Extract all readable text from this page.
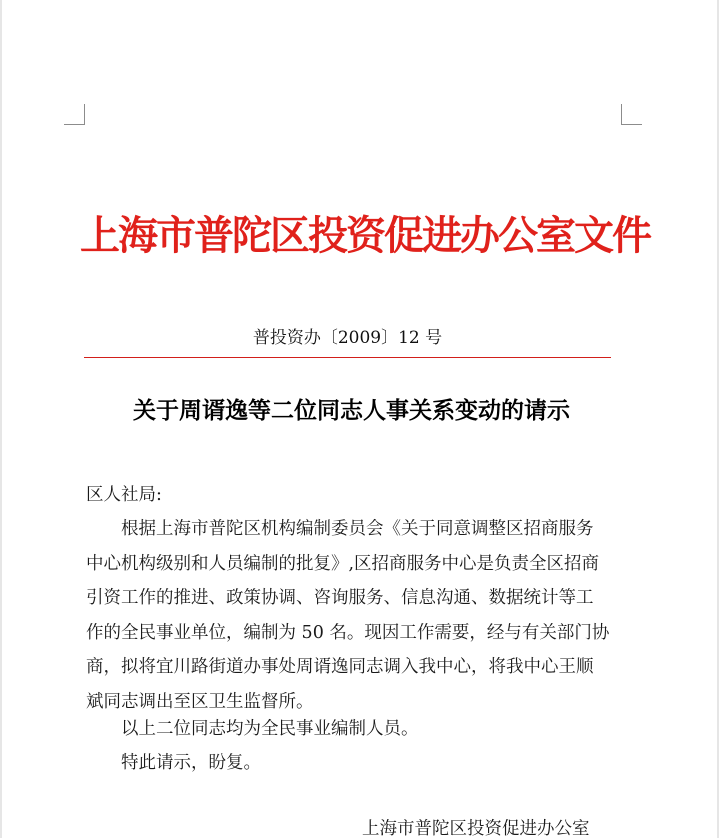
上海市普陀区投资促进办公室文件
普投资办〔2009〕12 号
关于周谞逸等二位同志人事关系变动的请示
区人社局:
根据上海市普陀区机构编制委员会《关于同意调整区招商服务
中心机构级别和人员编制的批复》,区招商服务中心是负责全区招商
引资工作的推进、政策协调、咨询服务、信息沟通、数据统计等工
作的全民事业单位，编制为 50 名。现因工作需要，经与有关部门协
商，拟将宜川路街道办事处周谞逸同志调入我中心，将我中心王顺
斌同志调出至区卫生监督所。
以上二位同志均为全民事业编制人员。
特此请示，盼复。
上海市普陀区投资促进办公室
